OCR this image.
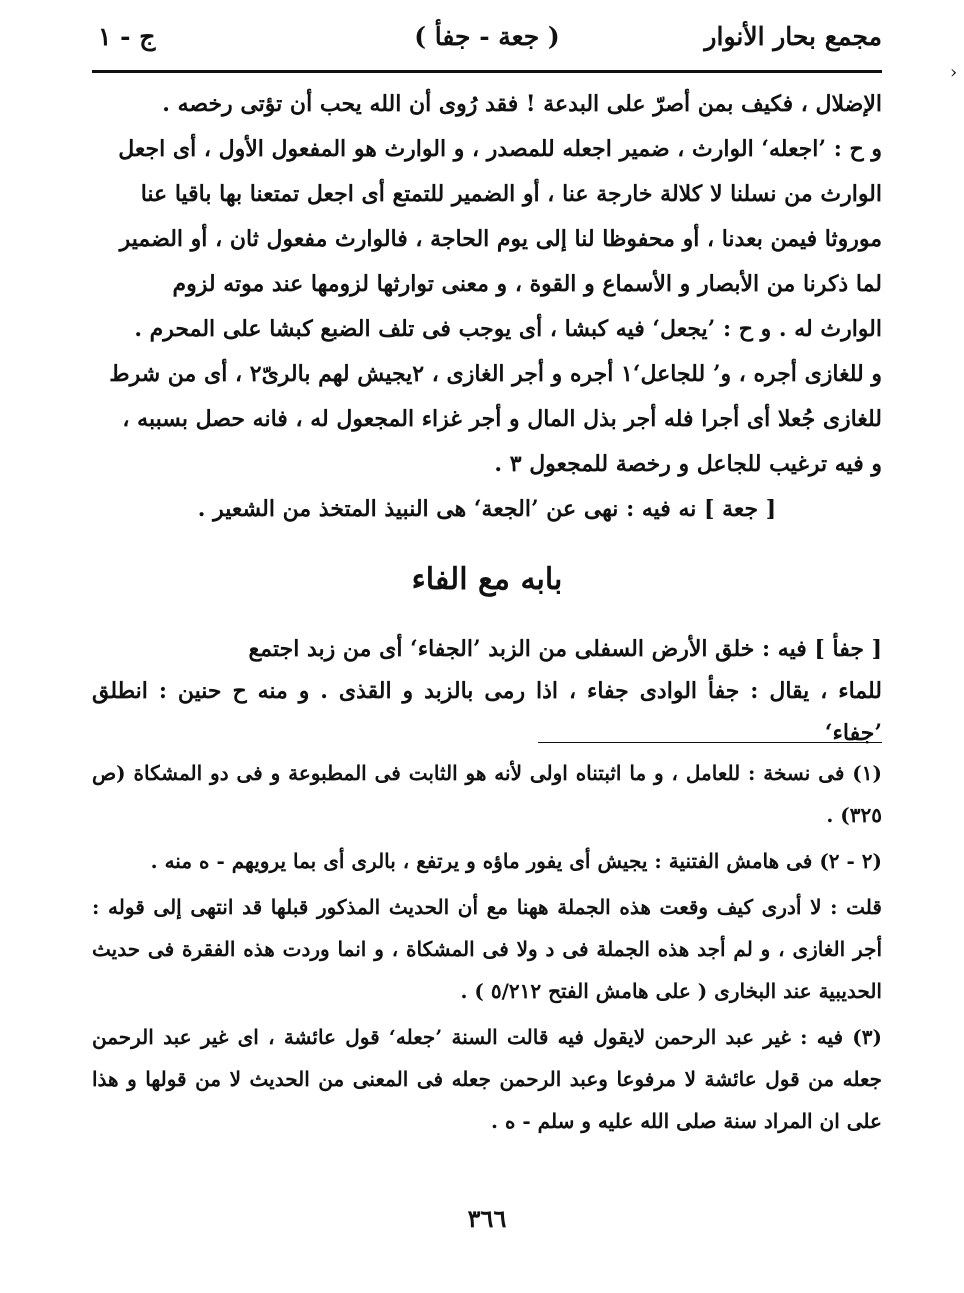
مجمع بحار الأنوار
( جعة - جفأ )
ج - ١
›
الإضلال ، فكيف بمن أصرّ على البدعة ! فقد رُوى أن الله يحب أن تؤتى رخصه .
و ح : ’اجعله‘ الوارث ، ضمير اجعله للمصدر ، و الوارث هو المفعول الأول ، أى اجعل
الوارث من نسلنا لا كلالة خارجة عنا ، أو الضمير للتمتع أى اجعل تمتعنا بها باقيا عنا
موروثا فيمن بعدنا ، أو محفوظا لنا إلى يوم الحاجة ، فالوارث مفعول ثان ، أو الضمير
لما ذكرنا من الأبصار و الأسماع و القوة ، و معنى توارثها لزومها عند موته لزوم
الوارث له . و ح : ’يجعل‘ فيه كبشا ، أى يوجب فى تلف الضبع كبشا على المحرم .
و للغازى أجره ، و’ للجاعل‘١ أجره و أجر الغازى ، ٢يجيش لهم بالرىّ٢ ، أى من شرط
للغازى جُعلا أى أجرا فله أجر بذل المال و أجر غزاء المجعول له ، فانه حصل بسببه ،
و فيه ترغيب للجاعل و رخصة للمجعول ٣ .
[ جعة ] نه فيه : نهى عن ’الجعة‘ هى النبيذ المتخذ من الشعير .
بابه مع الفاء
[ جفأ ] فيه : خلق الأرض السفلى من الزبد ’الجفاء‘ أى من زبد اجتمع
للماء ، يقال : جفأ الوادى جفاء ، اذا رمى بالزبد و القذى . و منه ح حنين : انطلق ’جفاء‘
(١) فى نسخة : للعامل ، و ما اثبتناه اولى لأنه هو الثابت فى المطبوعة و فى دو المشكاة (ص ٣٢٥) .
(٢ - ٢) فى هامش الفتنية : يجيش أى يفور ماؤه و يرتفع ، بالرى أى بما يرويهم - ه منه .
قلت : لا أدرى كيف وقعت هذه الجملة ههنا مع أن الحديث المذكور قبلها قد انتهى إلى قوله : أجر الغازى ، و لم أجد هذه الجملة فى د ولا فى المشكاة ، و انما وردت هذه الفقرة فى حديث الحديبية عند البخارى ( على هامش الفتح ٥/٢١٢ ) .
(٣) فيه : غير عبد الرحمن لايقول فيه قالت السنة ’جعله‘ قول عائشة ، اى غير عبد الرحمن جعله من قول عائشة لا مرفوعا وعبد الرحمن جعله فى المعنى من الحديث لا من قولها و هذا على ان المراد سنة صلى الله عليه و سلم - ه .
٣٦٦
